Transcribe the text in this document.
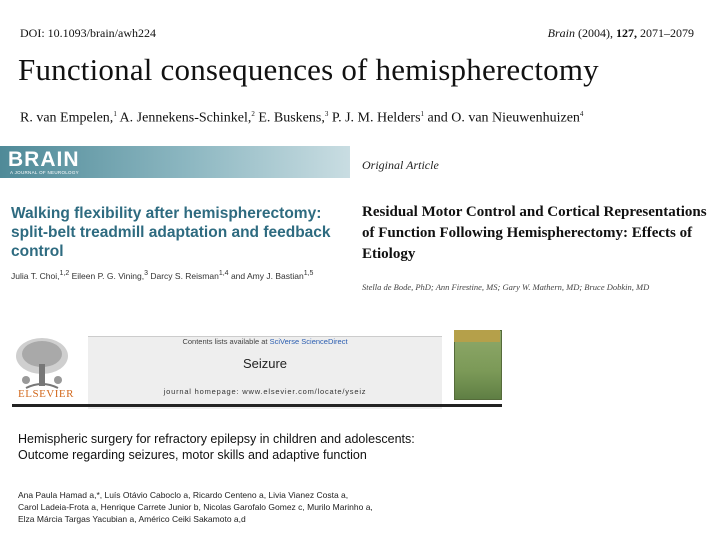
DOI: 10.1093/brain/awh224	Brain (2004), 127, 2071–2079
Functional consequences of hemispherectomy
R. van Empelen,$^1$ A. Jennekens-Schinkel,$^2$ E. Buskens,$^3$ P. J. M. Helders$^1$ and O. van Nieuwenhuizen$^4$
BRAIN
A JOURNAL OF NEUROLOGY
Walking flexibility after hemispherectomy: split-belt treadmill adaptation and feedback control
Julia T. Choi,$^{1,2}$ Eileen P. G. Vining,$^3$ Darcy S. Reisman$^{1,4}$ and Amy J. Bastian$^{1,5}$
Original Article
Residual Motor Control and Cortical Representations of Function Following Hemispherectomy: Effects of Etiology
Stella de Bode, PhD; Ann Firestine, MS; Gary W. Mathern, MD; Bruce Dobkin, MD
ELSEVIER
Contents lists available at SciVerse ScienceDirect
Seizure
journal homepage: www.elsevier.com/locate/yseiz
Hemispheric surgery for refractory epilepsy in children and adolescents: Outcome regarding seizures, motor skills and adaptive function
Ana Paula Hamad a,*, Luís Otávio Caboclo a, Ricardo Centeno a, Livia Vianez Costa a,
Carol Ladeia-Frota a, Henrique Carrete Junior b, Nicolas Garofalo Gomez c, Murilo Marinho a,
Elza Márcia Targas Yacubian a, Américo Ceiki Sakamoto a,d
